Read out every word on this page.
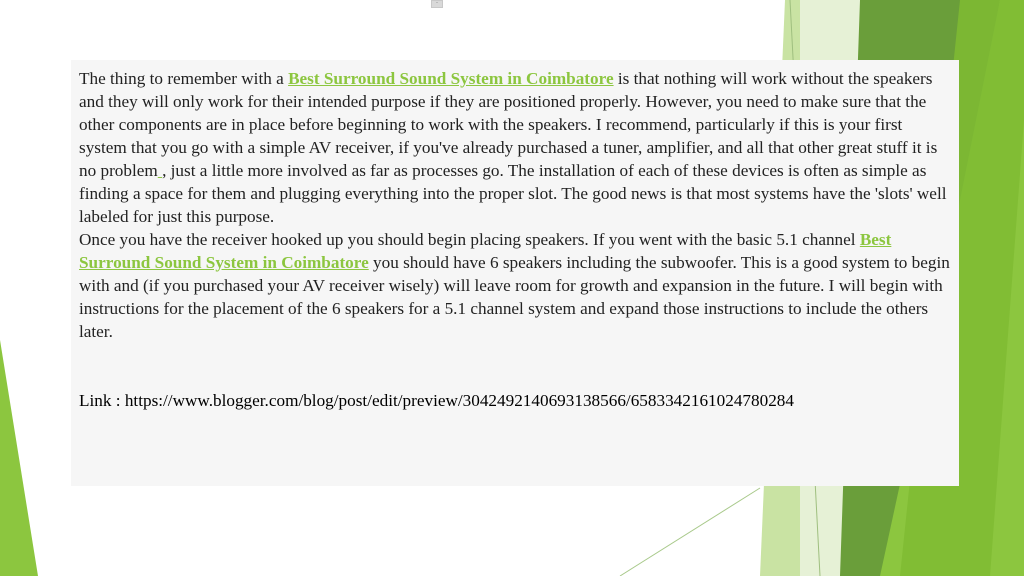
-

The thing to remember with a Best Surround Sound System in Coimbatore is that nothing will work without the speakers and they will only work for their intended purpose if they are positioned properly. However, you need to make sure that the other components are in place before beginning to work with the speakers. I recommend, particularly if this is your first system that you go with a simple AV receiver, if you've already purchased a tuner, amplifier, and all that other great stuff it is no problem , just a little more involved as far as processes go. The installation of each of these devices is often as simple as finding a space for them and plugging everything into the proper slot. The good news is that most systems have the 'slots' well labeled for just this purpose.

Once you have the receiver hooked up you should begin placing speakers. If you went with the basic 5.1 channel Best Surround Sound System in Coimbatore you should have 6 speakers including the subwoofer. This is a good system to begin with and (if you purchased your AV receiver wisely) will leave room for growth and expansion in the future. I will begin with instructions for the placement of the 6 speakers for a 5.1 channel system and expand those instructions to include the others later.

Link : https://www.blogger.com/blog/post/edit/preview/3042492140693138566/6583342161024780284
